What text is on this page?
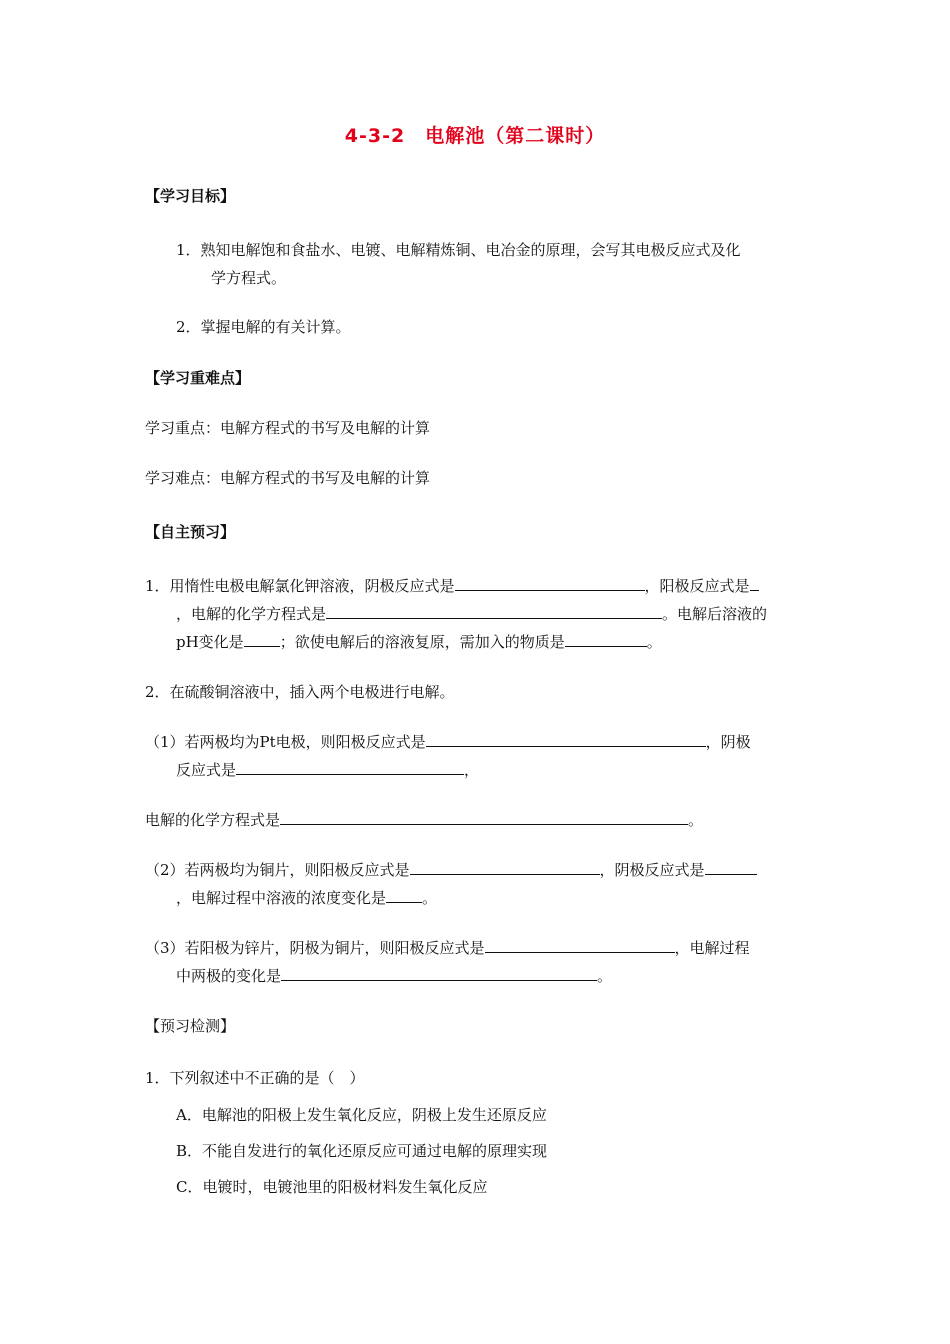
4-3-2　电解池（第二课时）
【学习目标】
1．熟知电解饱和食盐水、电镀、电解精炼铜、电冶金的原理，会写其电极反应式及化
学方程式。
2．掌握电解的有关计算。
【学习重难点】
学习重点：电解方程式的书写及电解的计算
学习难点：电解方程式的书写及电解的计算
【自主预习】
1．用惰性电极电解氯化钾溶液，阴极反应式是	，阳极反应式是
，电解的化学方程式是	。电解后溶液的
pH变化是 ；欲使电解后的溶液复原，需加入的物质是	。
2．在硫酸铜溶液中，插入两个电极进行电解。
（1）若两极均为Pt电极，则阳极反应式是	，阴极
反应式是	，
电解的化学方程式是	。
（2）若两极均为铜片，则阳极反应式是	，阴极反应式是
，电解过程中溶液的浓度变化是 。
（3）若阳极为锌片，阴极为铜片，则阳极反应式是	，电解过程
中两极的变化是	。
【预习检测】
1．下列叙述中不正确的是（　）
A．电解池的阳极上发生氧化反应，阴极上发生还原反应
B．不能自发进行的氧化还原反应可通过电解的原理实现
C．电镀时，电镀池里的阳极材料发生氧化反应
